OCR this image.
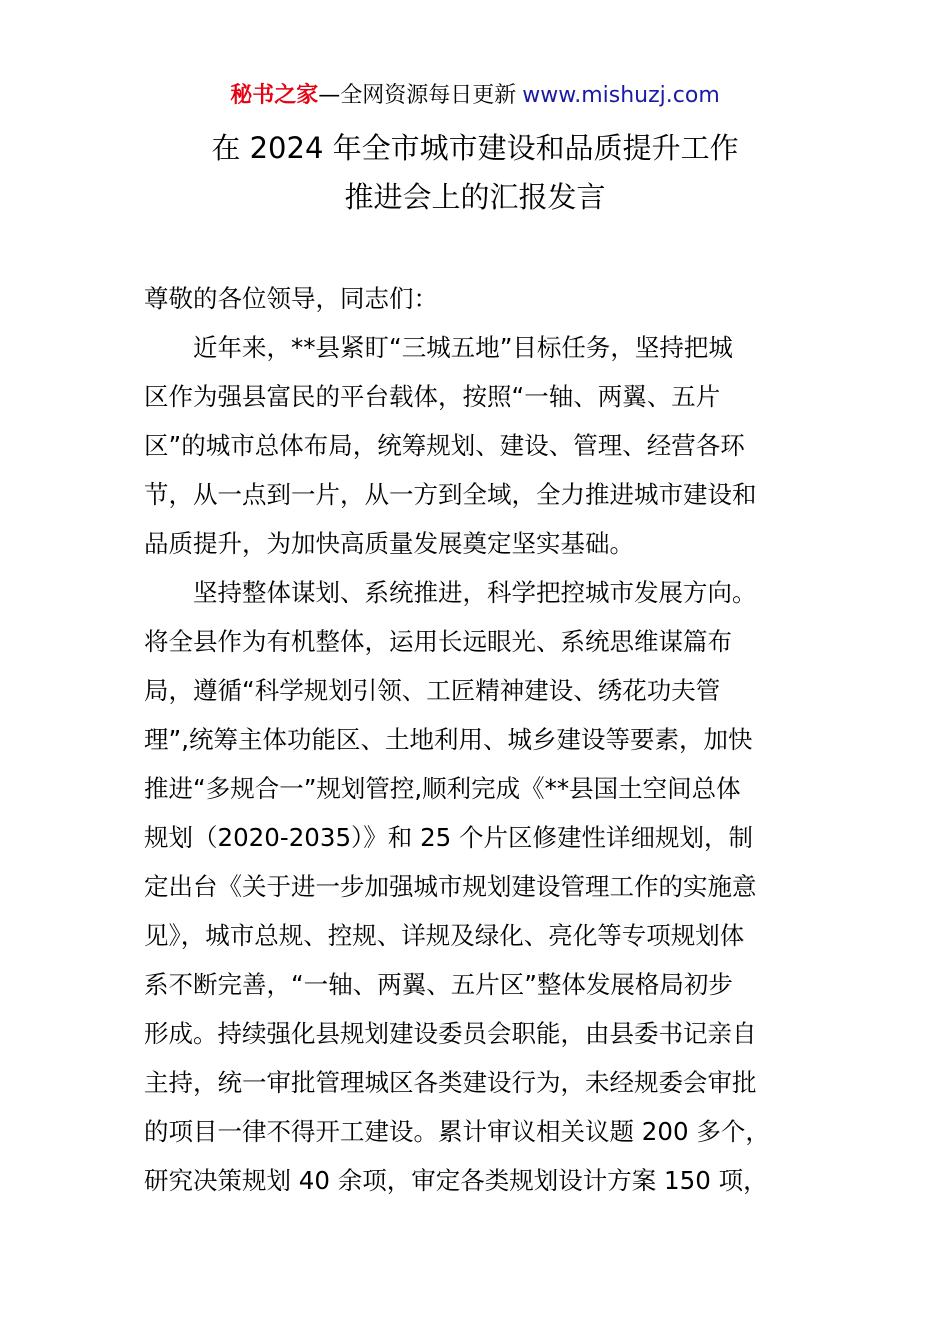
秘书之家—全网资源每日更新 www.mishuzj.com
在 2024 年全市城市建设和品质提升工作
推进会上的汇报发言
尊敬的各位领导，同志们：
近年来，**县紧盯“三城五地”目标任务，坚持把城
区作为强县富民的平台载体，按照“一轴、两翼、五片
区”的城市总体布局，统筹规划、建设、管理、经营各环
节，从一点到一片，从一方到全域，全力推进城市建设和
品质提升，为加快高质量发展奠定坚实基础。
坚持整体谋划、系统推进，科学把控城市发展方向。
将全县作为有机整体，运用长远眼光、系统思维谋篇布
局，遵循“科学规划引领、工匠精神建设、绣花功夫管
理”,统筹主体功能区、土地利用、城乡建设等要素，加快
推进“多规合一”规划管控,顺利完成《**县国土空间总体
规划（2020-2035）》和 25 个片区修建性详细规划，制
定出台《关于进一步加强城市规划建设管理工作的实施意
见》，城市总规、控规、详规及绿化、亮化等专项规划体
系不断完善，“一轴、两翼、五片区”整体发展格局初步
形成。持续强化县规划建设委员会职能，由县委书记亲自
主持，统一审批管理城区各类建设行为，未经规委会审批
的项目一律不得开工建设。累计审议相关议题 200 多个，
研究决策规划 40 余项，审定各类规划设计方案 150 项，
